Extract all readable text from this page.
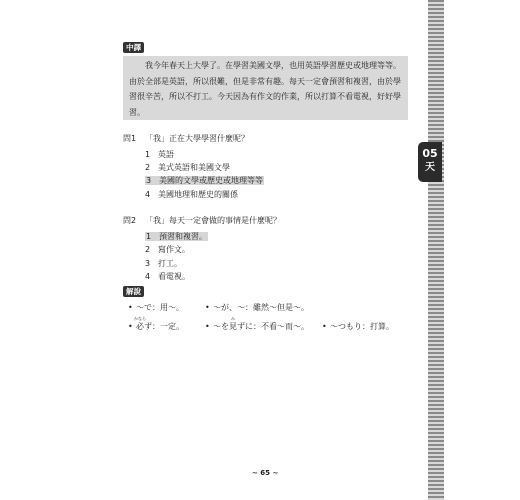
05
天
中譯

我今年春天上大學了。在學習美國文學，也用英語學習歷史或地理等等。由於全部是英語，所以很難，但是非常有趣。每天一定會預習和複習，由於學習很辛苦，所以不打工。今天因為有作文的作業，所以打算不看電視，好好學習。

問1 「我」正在大學學習什麼呢？
1 英語
2 美式英語和美國文學
3 美國的文學或歷史或地理等等
4 美國地理和歷史的關係
問2 「我」每天一定會做的事情是什麼呢？
1 預習和複習。
2 寫作文。
3 打工。
4 看電視。
解說
• ～で：用～。	• ～が、～：雖然～但是～。
• 必
かなら
ず：一定。	• ～を見
み
ずに：不看～而～。 • ～つもり：打算。
~ 65 ~
